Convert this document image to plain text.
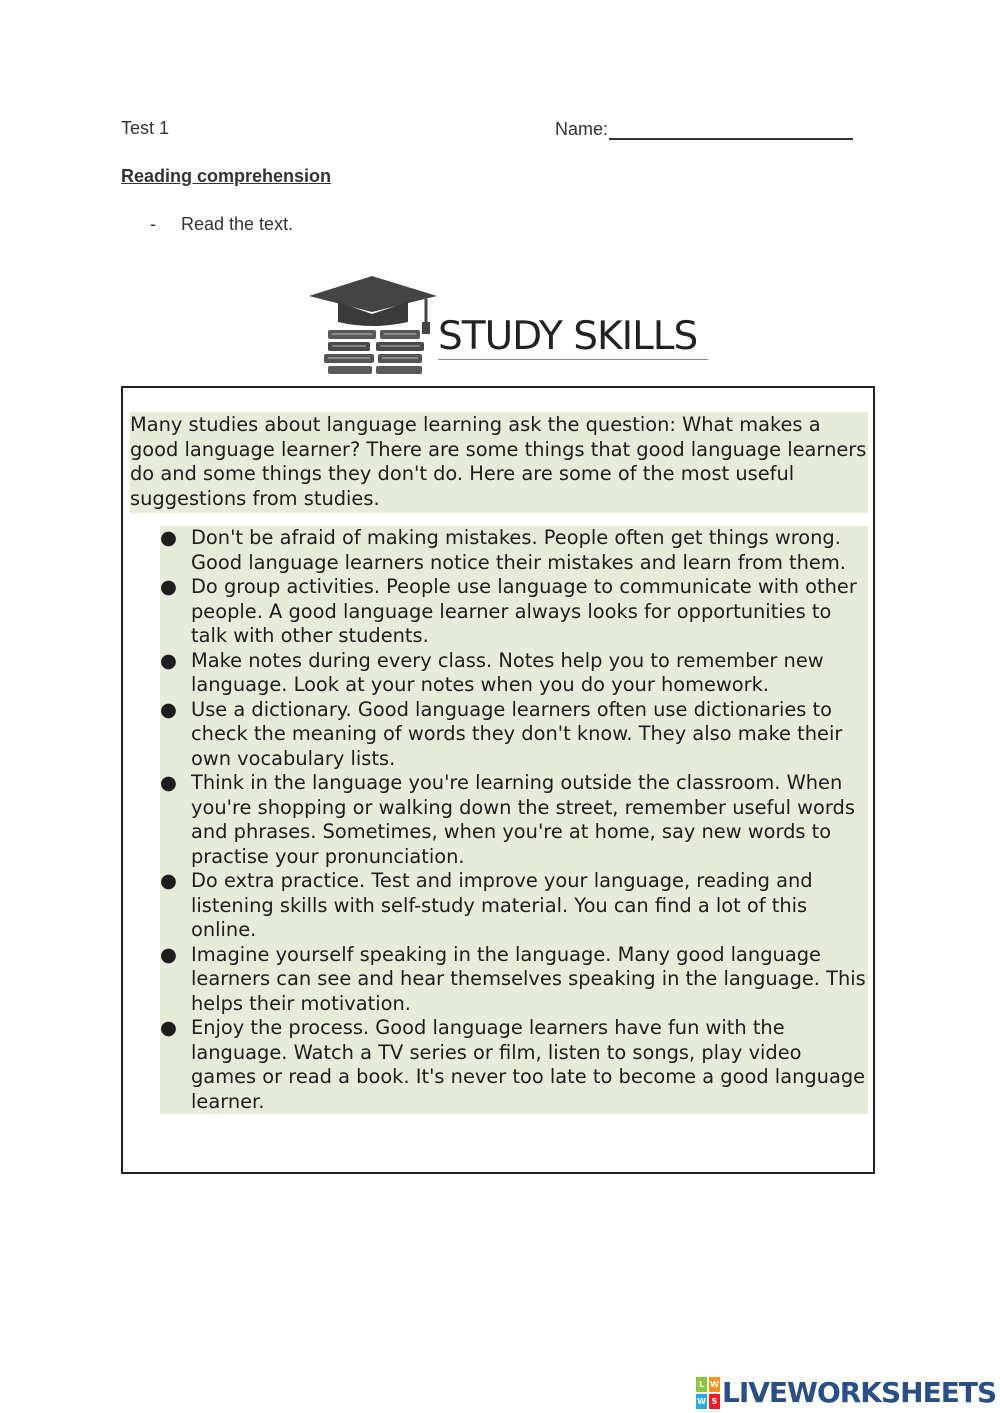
Test 1	Name:
Reading comprehension
- Read the text.
STUDY SKILLS
Many studies about language learning ask the question: What makes a good language learner? There are some things that good language learners do and some things they don't do. Here are some of the most useful suggestions from studies.
● Don't be afraid of making mistakes. People often get things wrong. Good language learners notice their mistakes and learn from them.
● Do group activities. People use language to communicate with other people. A good language learner always looks for opportunities to talk with other students.
● Make notes during every class. Notes help you to remember new language. Look at your notes when you do your homework.
● Use a dictionary. Good language learners often use dictionaries to check the meaning of words they don't know. They also make their own vocabulary lists.
● Think in the language you're learning outside the classroom. When you're shopping or walking down the street, remember useful words and phrases. Sometimes, when you're at home, say new words to practise your pronunciation.
● Do extra practice. Test and improve your language, reading and listening skills with self-study material. You can find a lot of this online.
● Imagine yourself speaking in the language. Many good language learners can see and hear themselves speaking in the language. This helps their motivation.
● Enjoy the process. Good language learners have fun with the language. Watch a TV series or film, listen to songs, play video games or read a book. It's never too late to become a good language learner.
L W
W S LIVEWORKSHEETS
